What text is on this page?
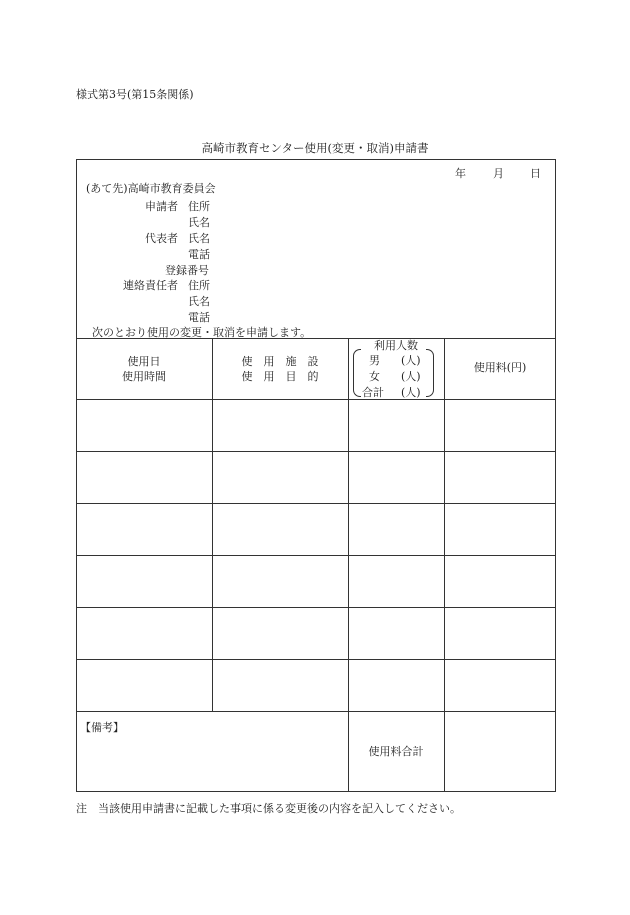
様式第3号(第15条関係)
高崎市教育センター使用(変更・取消)申請書
年 月 日
(あて先)高崎市教育委員会
申請者 住所
氏名
代表者 氏名
電話
登録番号
連絡責任者 住所
氏名
電話
次のとおり使用の変更・取消を申請します。
使用日
使用時間
使　用　施　設
使　用　目　的
利用人数
男 (人)
女 (人)
合計 (人)
使用料(円)
【備考】
使用料合計
注　当該使用申請書に記載した事項に係る変更後の内容を記入してください。
